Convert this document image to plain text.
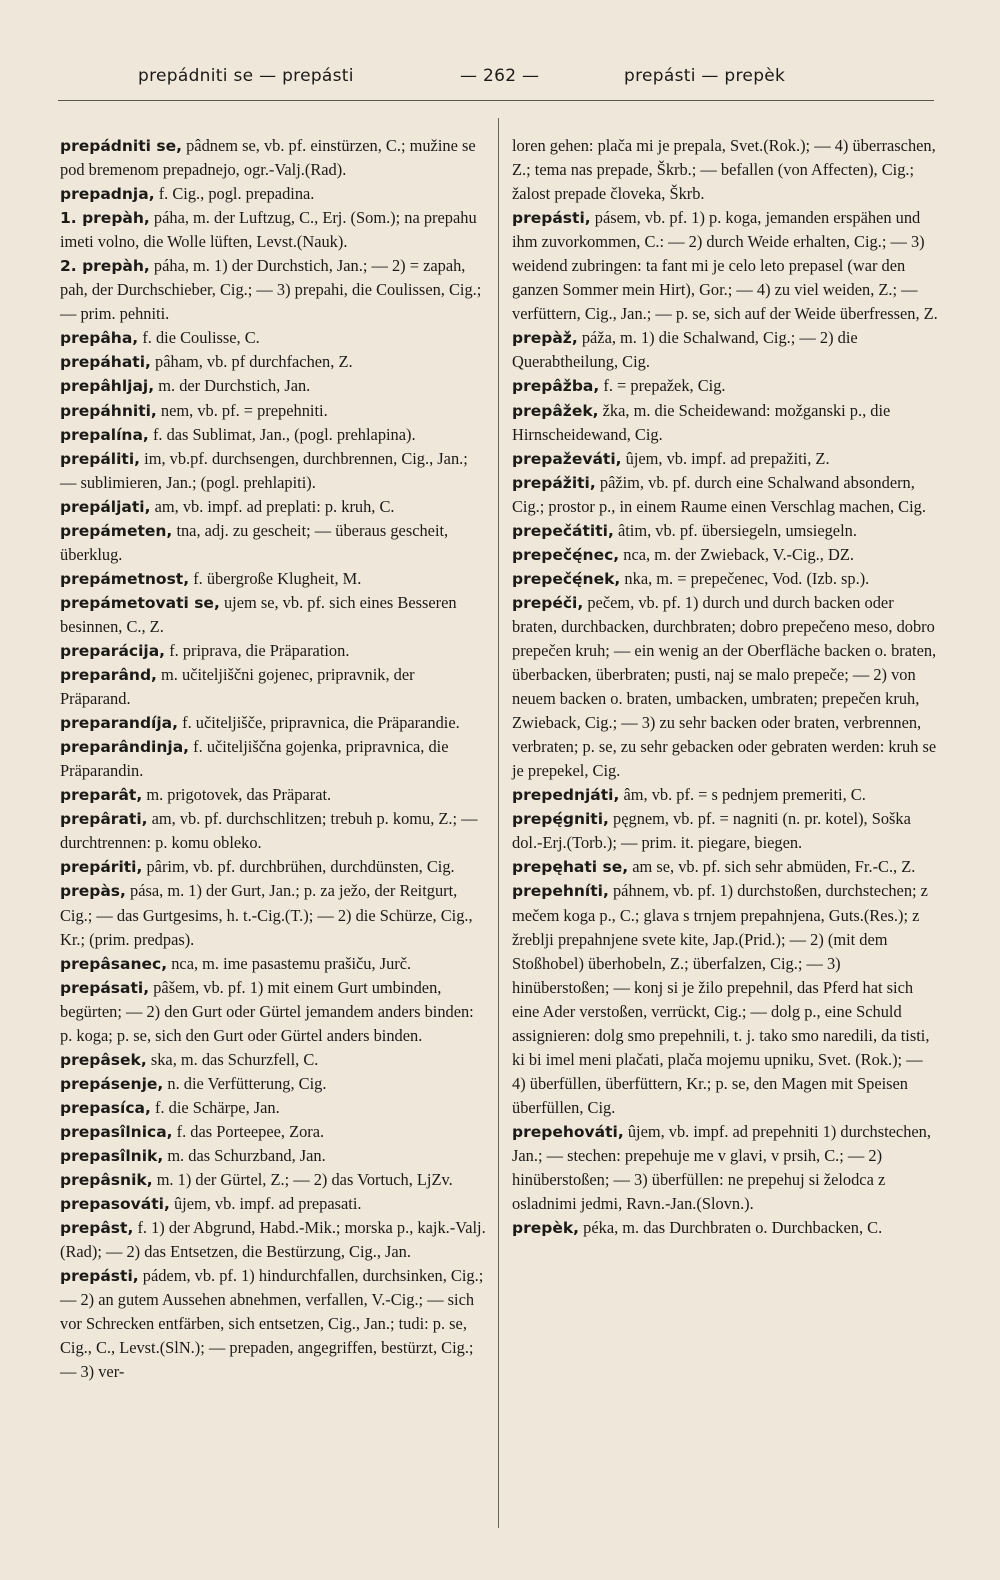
prepádniti se — prepásti	— 262 —	prepásti — prepèk

prepádniti se, pâdnem se, vb. pf. einstürzen, C.; mužine se pod bremenom prepadnejo, ogr.-Valj.(Rad).

prepadnja, f. Cig., pogl. prepadina.

1. prepàh, páha, m. der Luftzug, C., Erj. (Som.); na prepahu imeti volno, die Wolle lüften, Levst.(Nauk).

2. prepàh, páha, m. 1) der Durchstich, Jan.; — 2) = zapah, pah, der Durchschieber, Cig.; — 3) prepahi, die Coulissen, Cig.; — prim. pehniti.

prepâha, f. die Coulisse, C.

prepáhati, pâham, vb. pf durchfachen, Z.

prepâhljaj, m. der Durchstich, Jan.

prepáhniti, nem, vb. pf. = prepehniti.

prepalína, f. das Sublimat, Jan., (pogl. prehlapina).

prepáliti, im, vb.pf. durchsengen, durchbrennen, Cig., Jan.; — sublimieren, Jan.; (pogl. prehlapiti).

prepáljati, am, vb. impf. ad preplati: p. kruh, C.

prepámeten, tna, adj. zu gescheit; — überaus gescheit, überklug.

prepámetnost, f. übergroße Klugheit, M.

prepámetovati se, ujem se, vb. pf. sich eines Besseren besinnen, C., Z.

preparácija, f. priprava, die Präparation.

preparând, m. učiteljiščni gojenec, pripravnik, der Präparand.

preparandíja, f. učiteljišče, pripravnica, die Präparandie.

preparândinja, f. učiteljiščna gojenka, pripravnica, die Präparandin.

preparât, m. prigotovek, das Präparat.

prepârati, am, vb. pf. durchschlitzen; trebuh p. komu, Z.; — durchtrennen: p. komu obleko.

prepáriti, pârim, vb. pf. durchbrühen, durchdünsten, Cig.

prepàs, pása, m. 1) der Gurt, Jan.; p. za ježo, der Reitgurt, Cig.; — das Gurtgesims, h. t.-Cig.(T.); — 2) die Schürze, Cig., Kr.; (prim. predpas).

prepâsanec, nca, m. ime pasastemu prašiču, Jurč.

prepásati, pâšem, vb. pf. 1) mit einem Gurt umbinden, begürten; — 2) den Gurt oder Gürtel jemandem anders binden: p. koga; p. se, sich den Gurt oder Gürtel anders binden.

prepâsek, ska, m. das Schurzfell, C.

prepásenje, n. die Verfütterung, Cig.

prepasíca, f. die Schärpe, Jan.

prepasîlnica, f. das Porteepee, Zora.

prepasîlnik, m. das Schurzband, Jan.

prepâsnik, m. 1) der Gürtel, Z.; — 2) das Vortuch, LjZv.

prepasováti, ûjem, vb. impf. ad prepasati.

prepâst, f. 1) der Abgrund, Habd.-Mik.; morska p., kajk.-Valj.(Rad); — 2) das Entsetzen, die Bestürzung, Cig., Jan.

prepásti, pádem, vb. pf. 1) hindurchfallen, durchsinken, Cig.; — 2) an gutem Aussehen abnehmen, verfallen, V.-Cig.; — sich vor Schrecken entfärben, sich entsetzen, Cig., Jan.; tudi: p. se, Cig., C., Levst.(SlN.); — prepaden, angegriffen, bestürzt, Cig.; — 3) ver-

loren gehen: plača mi je prepala, Svet.(Rok.); — 4) überraschen, Z.; tema nas prepade, Škrb.; — befallen (von Affecten), Cig.; žalost prepade človeka, Škrb.

prepásti, pásem, vb. pf. 1) p. koga, jemanden erspähen und ihm zuvorkommen, C.: — 2) durch Weide erhalten, Cig.; — 3) weidend zubringen: ta fant mi je celo leto prepasel (war den ganzen Sommer mein Hirt), Gor.; — 4) zu viel weiden, Z.; — verfüttern, Cig., Jan.; — p. se, sich auf der Weide überfressen, Z.

prepàž, páža, m. 1) die Schalwand, Cig.; — 2) die Querabtheilung, Cig.

prepâžba, f. = prepažek, Cig.

prepâžek, žka, m. die Scheidewand: možganski p., die Hirnscheidewand, Cig.

prepaževáti, ûjem, vb. impf. ad prepažiti, Z.

prepážiti, pâžim, vb. pf. durch eine Schalwand absondern, Cig.; prostor p., in einem Raume einen Verschlag machen, Cig.

prepečátiti, âtim, vb. pf. übersiegeln, umsiegeln.

prepečę́nec, nca, m. der Zwieback, V.-Cig., DZ.

prepečę́nek, nka, m. = prepečenec, Vod. (Izb. sp.).

prepéči, pečem, vb. pf. 1) durch und durch backen oder braten, durchbacken, durchbraten; dobro prepečeno meso, dobro prepečen kruh; — ein wenig an der Oberfläche backen o. braten, überbacken, überbraten; pusti, naj se malo prepeče; — 2) von neuem backen o. braten, umbacken, umbraten; prepečen kruh, Zwieback, Cig.; — 3) zu sehr backen oder braten, verbrennen, verbraten; p. se, zu sehr gebacken oder gebraten werden: kruh se je prepekel, Cig.

prepednjáti, âm, vb. pf. = s pednjem premeriti, C.

prepę́gniti, pęgnem, vb. pf. = nagniti (n. pr. kotel), Soška dol.-Erj.(Torb.); — prim. it. piegare, biegen.

prepęhati se, am se, vb. pf. sich sehr abmüden, Fr.-C., Z.

prepehníti, páhnem, vb. pf. 1) durchstoßen, durchstechen; z mečem koga p., C.; glava s trnjem prepahnjena, Guts.(Res.); z žreblji prepahnjene svete kite, Jap.(Prid.); — 2) (mit dem Stoßhobel) überhobeln, Z.; überfalzen, Cig.; — 3) hinüberstoßen; — konj si je žilo prepehnil, das Pferd hat sich eine Ader verstoßen, verrückt, Cig.; — dolg p., eine Schuld assignieren: dolg smo prepehnili, t. j. tako smo naredili, da tisti, ki bi imel meni plačati, plača mojemu upniku, Svet. (Rok.); — 4) überfüllen, überfüttern, Kr.; p. se, den Magen mit Speisen überfüllen, Cig.

prepehováti, ûjem, vb. impf. ad prepehniti 1) durchstechen, Jan.; — stechen: prepehuje me v glavi, v prsih, C.; — 2) hinüberstoßen; — 3) überfüllen: ne prepehuj si želodca z osladnimi jedmi, Ravn.-Jan.(Slovn.).

prepèk, péka, m. das Durchbraten o. Durchbacken, C.
